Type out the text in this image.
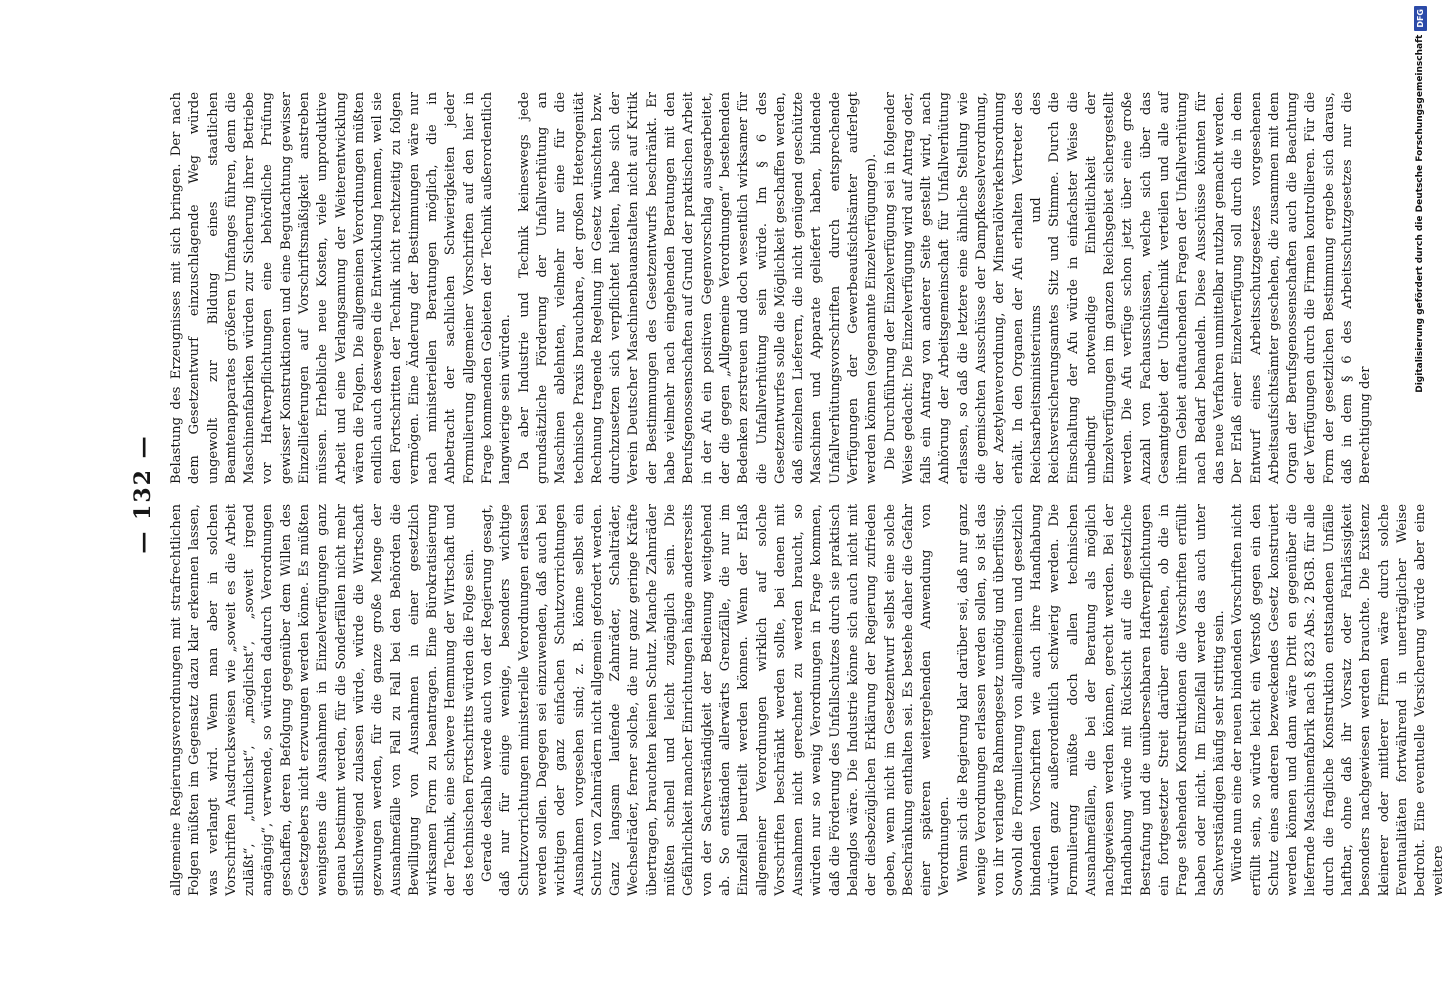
— 132 —

allgemeine Regierungsverordnungen mit strafrechtlichen Folgen müßten im Gegensatz dazu klar erkennen lassen, was verlangt wird. Wenn man aber in solchen Vorschriften Ausdrucksweisen wie „soweit es die Arbeit zuläßt“, „tunlichst“, „möglichst“, „soweit irgend angängig“, verwende, so würden dadurch Verordnungen geschaffen, deren Befolgung gegenüber dem Willen des Gesetzgebers nicht erzwungen werden könne. Es müßten wenigstens die Ausnahmen in Einzelverfügungen ganz genau bestimmt werden, für die Sonderfällen nicht mehr stillschweigend zulassen würde, würde die Wirtschaft gezwungen werden, für die ganze große Menge der Ausnahmefälle von Fall zu Fall bei den Behörden die Bewilligung von Ausnahmen in einer gesetzlich wirksamen Form zu beantragen. Eine Bürokratisierung der Technik, eine schwere Hemmung der Wirtschaft und des technischen Fortschritts würden die Folge sein. Gerade deshalb werde auch von der Regierung gesagt, daß nur für einige wenige, besonders wichtige Schutzvorrichtungen ministerielle Verordnungen erlassen werden sollen. Dagegen sei einzuwenden, daß auch bei wichtigen oder ganz einfachen Schutzvorrichtungen Ausnahmen vorgesehen sind; z. B. könne selbst ein Schutz von Zahnrädern nicht allgemein gefordert werden. Ganz langsam laufende Zahnräder, Schalträder, Wechselräder, ferner solche, die nur ganz geringe Kräfte übertragen, brauchten keinen Schutz. Manche Zahnräder müßten schnell und leicht zugänglich sein. Die Gefährlichkeit mancher Einrichtungen hänge andererseits von der Sachverständigkeit der Bedienung weitgehend ab. So entständen allerwärts Grenzfälle, die nur im Einzelfall beurteilt werden können. Wenn der Erlaß allgemeiner Verordnungen wirklich auf solche Vorschriften beschränkt werden sollte, bei denen mit Ausnahmen nicht gerechnet zu werden braucht, so würden nur so wenig Verordnungen in Frage kommen, daß die Förderung des Unfallschutzes durch sie praktisch belanglos wäre. Die Industrie könne sich auch nicht mit der diesbezüglichen Erklärung der Regierung zufrieden geben, wenn nicht im Gesetzentwurf selbst eine solche Beschränkung enthalten sei. Es bestehe daher die Gefahr einer späteren weitergehenden Anwendung von Verordnungen. Wenn sich die Regierung klar darüber sei, daß nur ganz wenige Verordnungen erlassen werden sollen, so ist das von ihr verlangte Rahmengesetz unnötig und überflüssig. Sowohl die Formulierung von allgemeinen und gesetzlich bindenden Vorschriften wie auch ihre Handhabung würden ganz außerordentlich schwierig werden. Die Formulierung müßte doch allen technischen Ausnahmefällen, die bei der Beratung als möglich nachgewiesen werden können, gerecht werden. Bei der Handhabung würde mit Rücksicht auf die gesetzliche Bestrafung und die unübersehbaren Haftverpflichtungen ein fortgesetzter Streit darüber entstehen, ob die in Frage stehenden Konstruktionen die Vorschriften erfüllt haben oder nicht. Im Einzelfall werde das auch unter Sachverständigen häufig sehr strittig sein. Würde nun eine der neuen bindenden Vorschriften nicht erfüllt sein, so würde leicht ein Verstoß gegen ein den Schutz eines anderen bezweckendes Gesetz konstruiert werden können und dann wäre Dritt en gegenüber die liefernde Maschinenfabrik nach § 823 Abs. 2 BGB. für alle durch die fragliche Konstruktion entstandenen Unfälle haftbar, ohne daß ihr Vorsatz oder Fahrlässigkeit besonders nachgewiesen werden brauchte. Die Existenz kleinerer oder mittlerer Firmen wäre durch solche Eventualitäten fortwährend in unerträglicher Weise bedroht. Eine eventuelle Versicherung würde aber eine weitere

Belastung des Erzeugnisses mit sich bringen. Der nach dem Gesetzentwurf einzuschlagende Weg würde ungewollt zur Bildung eines staatlichen Beamtenapparates größeren Umfanges führen, denn die Maschinenfabriken würden zur Sicherung ihrer Betriebe vor Haftverpflichtungen eine behördliche Prüfung gewisser Konstruktionen und eine Begutachtung gewisser Einzellieferungen auf Vorschriftsmäßigkeit anstreben müssen. Erhebliche neue Kosten, viele unproduktive Arbeit und eine Verlangsamung der Weiterentwicklung wären die Folgen. Die allgemeinen Verordnungen müßten endlich auch deswegen die Entwicklung hemmen, weil sie den Fortschritten der Technik nicht rechtzeitig zu folgen vermögen. Eine Änderung der Bestimmungen wäre nur nach ministeriellen Beratungen möglich, die in Anbetracht der sachlichen Schwierigkeiten jeder Formulierung allgemeiner Vorschriften auf den hier in Frage kommenden Gebieten der Technik außerordentlich langwierige sein würden. Da aber Industrie und Technik keineswegs jede grundsätzliche Förderung der Unfallverhütung an Maschinen ablehnten, vielmehr nur eine für die technische Praxis brauchbare, der großen Heterogenität Rechnung tragende Regelung im Gesetz wünschten bzw. durchzusetzen sich verpflichtet hielten, habe sich der Verein Deutscher Maschinenbauanstalten nicht auf Kritik der Bestimmungen des Gesetzentwurfs beschränkt. Er habe vielmehr nach eingehenden Beratungen mit den Berufsgenossenschaften auf Grund der praktischen Arbeit in der Afu ein positiven Gegenvorschlag ausgearbeitet, der die gegen „Allgemeine Verordnungen“ bestehenden Bedenken zerstreuen und doch wesentlich wirksamer für die Unfallverhütung sein würde. Im § 6 des Gesetzentwurfes solle die Möglichkeit geschaffen werden, daß einzelnen Lieferern, die nicht genügend geschützte Maschinen und Apparate geliefert haben, bindende Unfallverhütungsvorschriften durch entsprechende Verfügungen der Gewerbeaufsichtsämter auferlegt werden können (sogenannte Einzelverfügungen). Die Durchführung der Einzelverfügung sei in folgender Weise gedacht: Die Einzelverfügung wird auf Antrag oder, falls ein Antrag von anderer Seite gestellt wird, nach Anhörung der Arbeitsgemeinschaft für Unfallverhütung erlassen, so daß die letztere eine ähnliche Stellung wie die gemischten Ausschüsse der Dampfkesselverordnung, der Azetylenverordnung, der Mineralölverkehrsordnung erhält. In den Organen der Afu erhalten Vertreter des Reichsarbeitsministeriums und des Reichsversicherungsamtes Sitz und Stimme. Durch die Einschaltung der Afu würde in einfachster Weise die unbedingt notwendige Einheitlichkeit der Einzelverfügungen im ganzen Reichsgebiet sichergestellt werden. Die Afu verfüge schon jetzt über eine große Anzahl von Fachausschüssen, welche sich über das Gesamtgebiet der Unfalltechnik verteilen und alle auf ihrem Gebiet auftauchenden Fragen der Unfallverhütung nach Bedarf behandeln. Diese Ausschüsse könnten für das neue Verfahren unmittelbar nutzbar gemacht werden. Der Erlaß einer Einzelverfügung soll durch die in dem Entwurf eines Arbeitsschutzgesetzes vorgesehenen Arbeitsaufsichtsämter geschehen, die zusammen mit dem Organ der Berufsgenossenschaften auch die Beachtung der Verfügungen durch die Firmen kontrollieren. Für die Form der gesetzlichen Bestimmung ergebe sich daraus, daß in dem § 6 des Arbeitsschutzgesetzes nur die Berechtigung der

Digitalisierung gefördert durch die Deutsche Forschungsgemeinschaft
DFG
